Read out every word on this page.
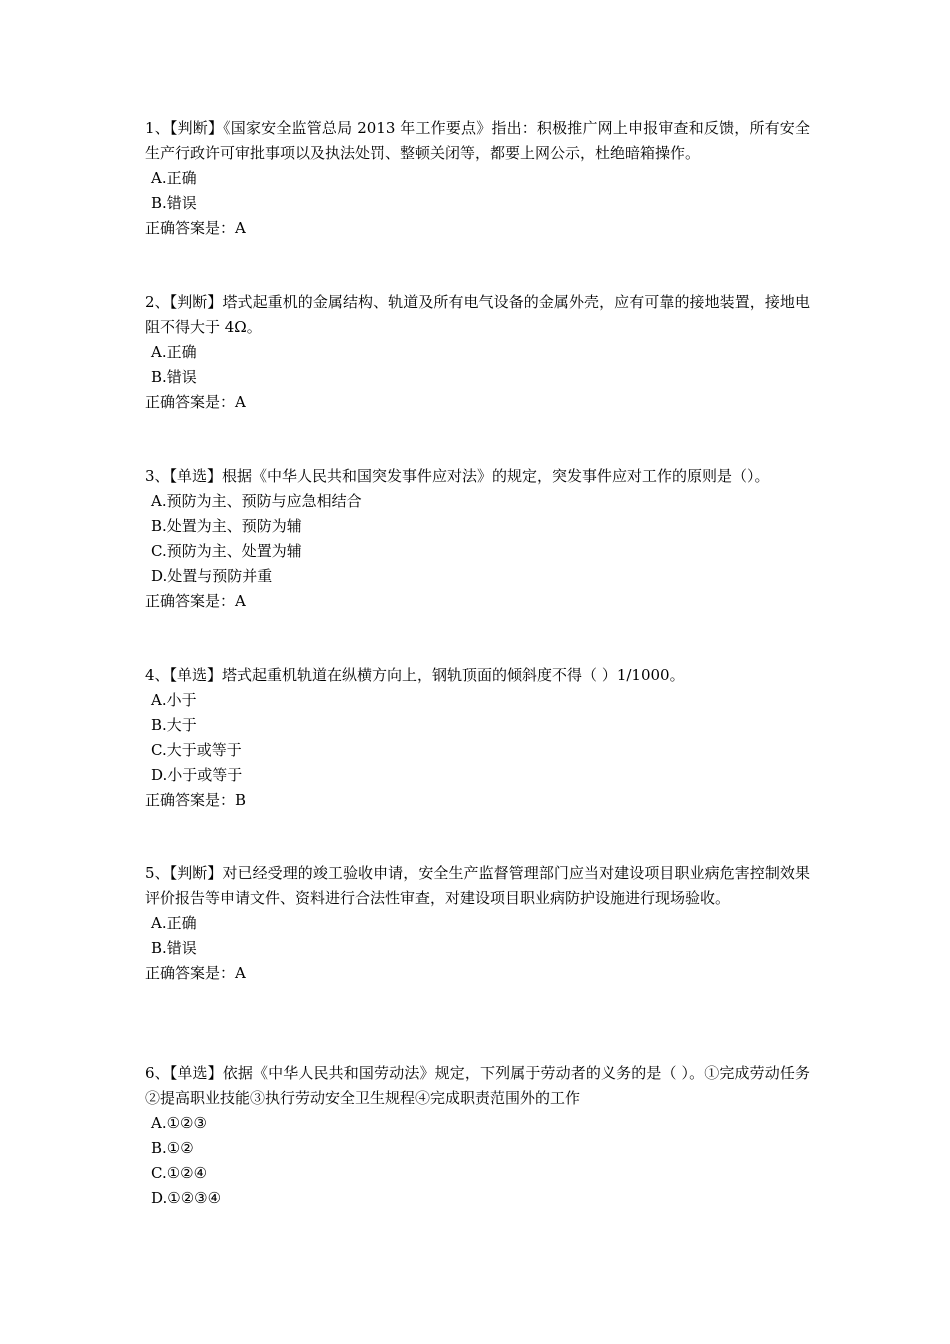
1、【判断】《国家安全监管总局 2013 年工作要点》指出：积极推广网上申报审查和反馈，所有安全生产行政许可审批事项以及执法处罚、整顿关闭等，都要上网公示，杜绝暗箱操作。

A.正确

B.错误

正确答案是：A

2、【判断】塔式起重机的金属结构、轨道及所有电气设备的金属外壳，应有可靠的接地装置，接地电阻不得大于 4Ω。

A.正确

B.错误

正确答案是：A

3、【单选】根据《中华人民共和国突发事件应对法》的规定，突发事件应对工作的原则是（）。

A.预防为主、预防与应急相结合

B.处置为主、预防为辅

C.预防为主、处置为辅

D.处置与预防并重

正确答案是：A

4、【单选】塔式起重机轨道在纵横方向上，钢轨顶面的倾斜度不得（ ）1/1000。

A.小于

B.大于

C.大于或等于

D.小于或等于

正确答案是：B

5、【判断】对已经受理的竣工验收申请，安全生产监督管理部门应当对建设项目职业病危害控制效果评价报告等申请文件、资料进行合法性审查，对建设项目职业病防护设施进行现场验收。

A.正确

B.错误

正确答案是：A

6、【单选】依据《中华人民共和国劳动法》规定，下列属于劳动者的义务的是（ ）。①完成劳动任务②提高职业技能③执行劳动安全卫生规程④完成职责范围外的工作

A.①②③

B.①②

C.①②④

D.①②③④
